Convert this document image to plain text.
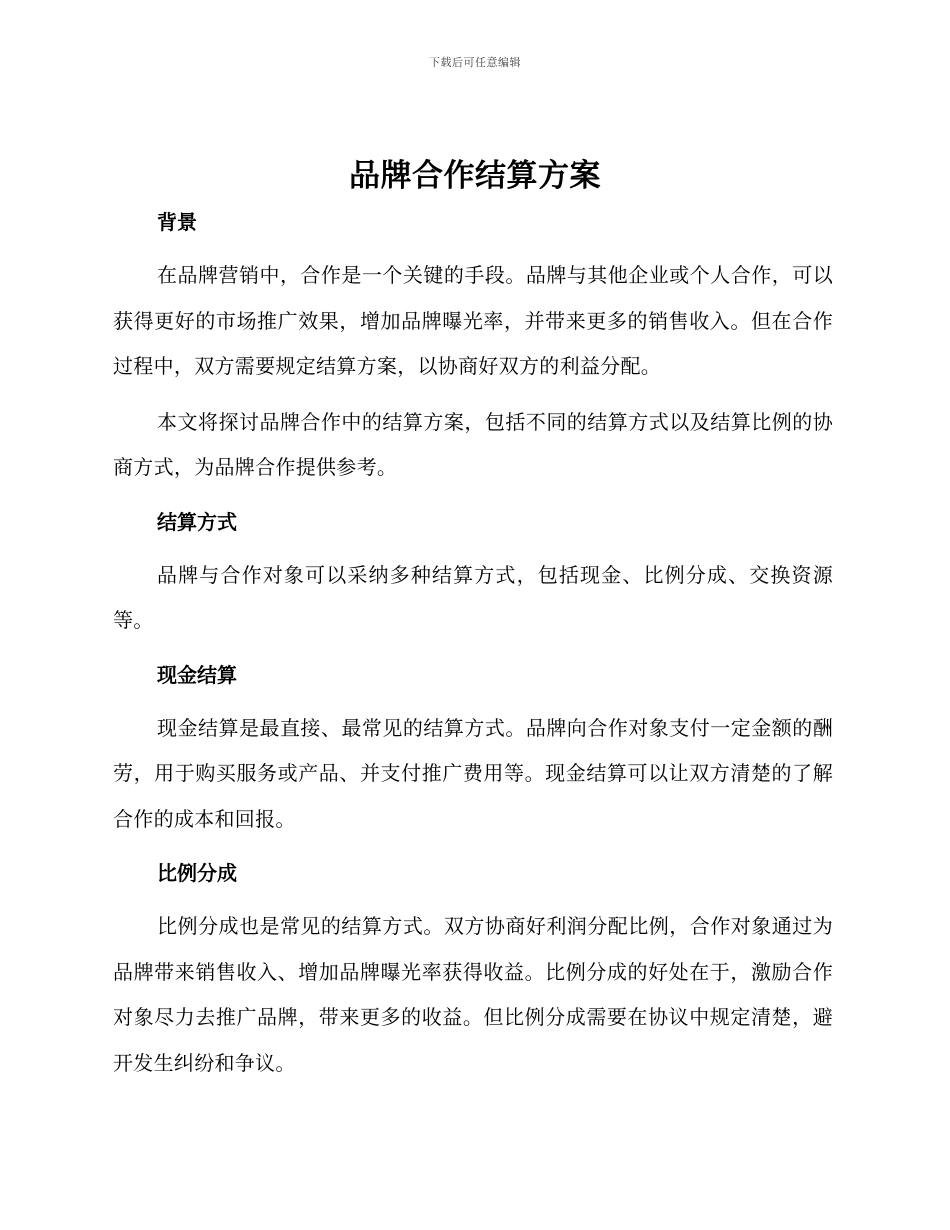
下载后可任意编辑
品牌合作结算方案
背景

在品牌营销中，合作是一个关键的手段。品牌与其他企业或个人合作，可以获得更好的市场推广效果，增加品牌曝光率，并带来更多的销售收入。但在合作过程中，双方需要规定结算方案，以协商好双方的利益分配。

本文将探讨品牌合作中的结算方案，包括不同的结算方式以及结算比例的协商方式，为品牌合作提供参考。

结算方式

品牌与合作对象可以采纳多种结算方式，包括现金、比例分成、交换资源等。

现金结算

现金结算是最直接、最常见的结算方式。品牌向合作对象支付一定金额的酬劳，用于购买服务或产品、并支付推广费用等。现金结算可以让双方清楚的了解合作的成本和回报。

比例分成

比例分成也是常见的结算方式。双方协商好利润分配比例，合作对象通过为品牌带来销售收入、增加品牌曝光率获得收益。比例分成的好处在于，激励合作对象尽力去推广品牌，带来更多的收益。但比例分成需要在协议中规定清楚，避开发生纠纷和争议。
